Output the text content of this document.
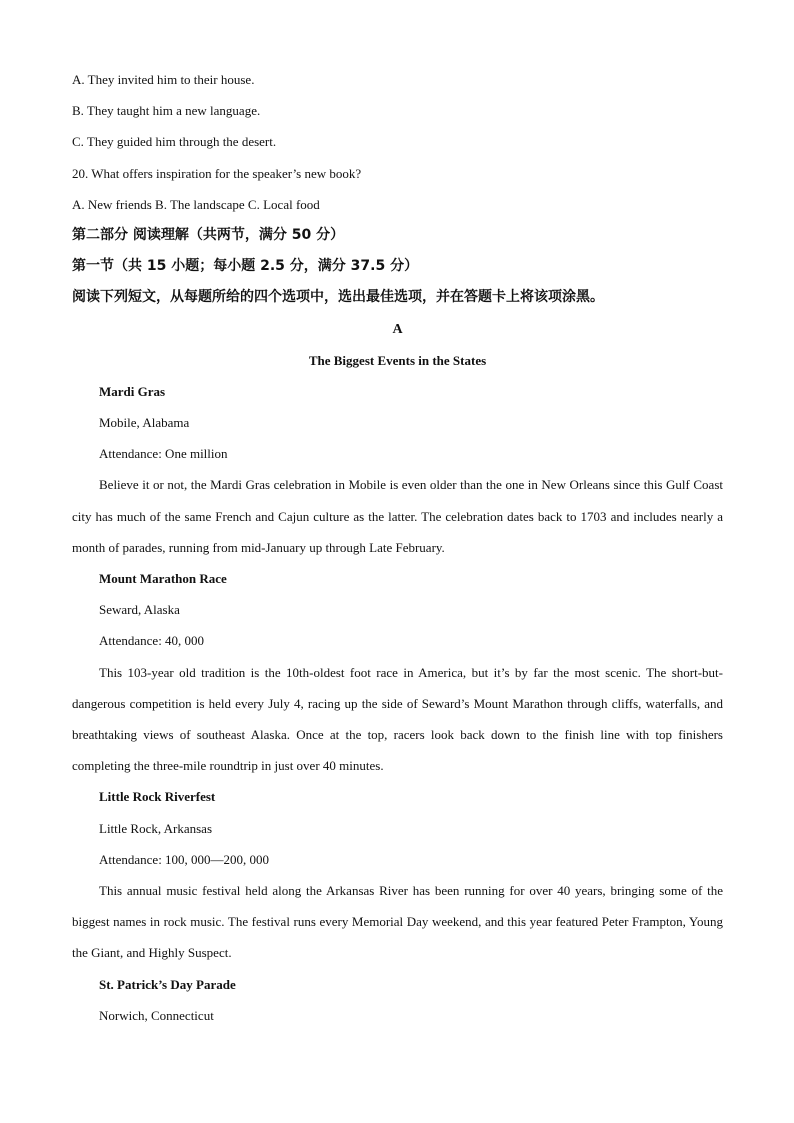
A. They invited him to their house.
B. They taught him a new language.
C. They guided him through the desert.
20. What offers inspiration for the speaker’s new book?
A. New friends B. The landscape C. Local food
第二部分 阅读理解（共两节，满分 50 分）
第一节（共 15 小题；每小题 2.5 分，满分 37.5 分）
阅读下列短文，从每题所给的四个选项中，选出最佳选项，并在答题卡上将该项涂黑。
A
The Biggest Events in the States
Mardi Gras
Mobile, Alabama
Attendance: One million

Believe it or not, the Mardi Gras celebration in Mobile is even older than the one in New Orleans since this Gulf Coast city has much of the same French and Cajun culture as the latter. The celebration dates back to 1703 and includes nearly a month of parades, running from mid-January up through Late February.

Mount Marathon Race
Seward, Alaska
Attendance: 40, 000

This 103-year old tradition is the 10th-oldest foot race in America, but it’s by far the most scenic. The short-but-dangerous competition is held every July 4, racing up the side of Seward’s Mount Marathon through cliffs, waterfalls, and breathtaking views of southeast Alaska. Once at the top, racers look back down to the finish line with top finishers completing the three-mile roundtrip in just over 40 minutes.

Little Rock Riverfest
Little Rock, Arkansas
Attendance: 100, 000—200, 000

This annual music festival held along the Arkansas River has been running for over 40 years, bringing some of the biggest names in rock music. The festival runs every Memorial Day weekend, and this year featured Peter Frampton, Young the Giant, and Highly Suspect.

St. Patrick’s Day Parade
Norwich, Connecticut
